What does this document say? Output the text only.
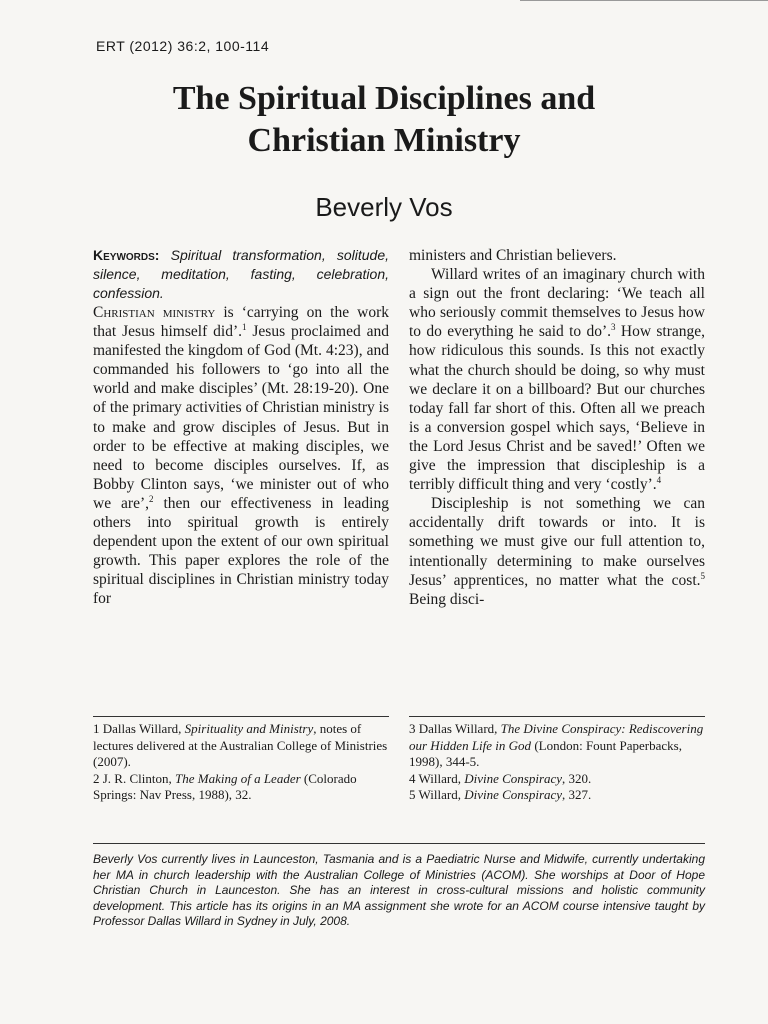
ERT (2012) 36:2, 100-114
The Spiritual Disciplines and
Christian Ministry
Beverly Vos

Keywords: Spiritual transformation, solitude, silence, meditation, fasting, celebration, confession.

Christian ministry is ‘carrying on the work that Jesus himself did’.$^1$ Jesus proclaimed and manifested the kingdom of God (Mt. 4:23), and commanded his followers to ‘go into all the world and make disciples’ (Mt. 28:19-20). One of the primary activities of Christian ministry is to make and grow disciples of Jesus. But in order to be effective at making disciples, we need to become disciples ourselves. If, as Bobby Clinton says, ‘we minister out of who we are’,$^2$ then our effectiveness in leading others into spiritual growth is entirely dependent upon the extent of our own spiritual growth. This paper explores the role of the spiritual disciplines in Christian ministry today for

ministers and Christian believers.

Willard writes of an imaginary church with a sign out the front declaring: ‘We teach all who seriously commit themselves to Jesus how to do everything he said to do’.$^3$ How strange, how ridiculous this sounds. Is this not exactly what the church should be doing, so why must we declare it on a billboard? But our churches today fall far short of this. Often all we preach is a conversion gospel which says, ‘Believe in the Lord Jesus Christ and be saved!’ Often we give the impression that discipleship is a terribly difficult thing and very ‘costly’.$^4$

Discipleship is not something we can accidentally drift towards or into. It is something we must give our full attention to, intentionally determining to make ourselves Jesus’ apprentices, no matter what the cost.$^5$ Being disci-

1 Dallas Willard, Spirituality and Ministry, notes of lectures delivered at the Australian College of Ministries (2007).

2 J. R. Clinton, The Making of a Leader (Colorado Springs: Nav Press, 1988), 32.

3 Dallas Willard, The Divine Conspiracy: Rediscovering our Hidden Life in God (London: Fount Paperbacks, 1998), 344-5.

4 Willard, Divine Conspiracy, 320.

5 Willard, Divine Conspiracy, 327.

Beverly Vos currently lives in Launceston, Tasmania and is a Paediatric Nurse and Midwife, currently undertaking her MA in church leadership with the Australian College of Ministries (ACOM). She worships at Door of Hope Christian Church in Launceston. She has an interest in cross-cultural missions and holistic community development. This article has its origins in an MA assignment she wrote for an ACOM course intensive taught by Professor Dallas Willard in Sydney in July, 2008.
